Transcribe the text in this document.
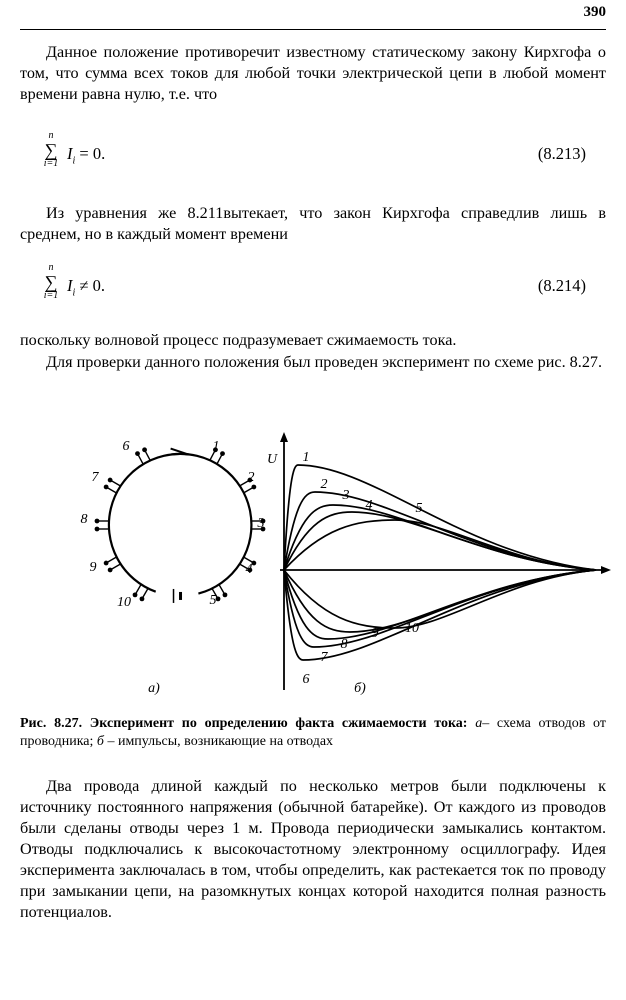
390
Данное положение противоречит известному статическому закону Кирхгофа о том, что сумма всех токов для любой точки электрической цепи в любой момент времени равна нулю, т.е. что
n
∑
i=1
$I_i = 0$.	(8.213)
Из уравнения же 8.211вытекает, что закон Кирхгофа справедлив лишь в среднем, но в каждый момент времени
n
∑
i=1
$I_i \ne 0$.	(8.214)
поскольку волновой процесс подразумевает сжимаемость тока.
Для проверки данного положения был проведен эксперимент по схеме рис. 8.27.
1
2
3
4
5
6
7
8
9
10
а)
U 1
2
3
4	5
6
7
8
9 10
б)
Рис. 8.27. Эксперимент по определению факта сжимаемости тока: а– схема отводов от проводника; б – импульсы, возникающие на отводах
Два провода длиной каждый по несколько метров были подключены к источнику постоянного напряжения (обычной батарейке). От каждого из проводов были сделаны отводы через 1 м. Провода периодически замыкались контактом. Отводы подключались к высокочастотному электронному осциллографу. Идея эксперимента заключалась в том, чтобы определить, как растекается ток по проводу при замыкании цепи, на разомкнутых концах которой находится полная разность потенциалов.
